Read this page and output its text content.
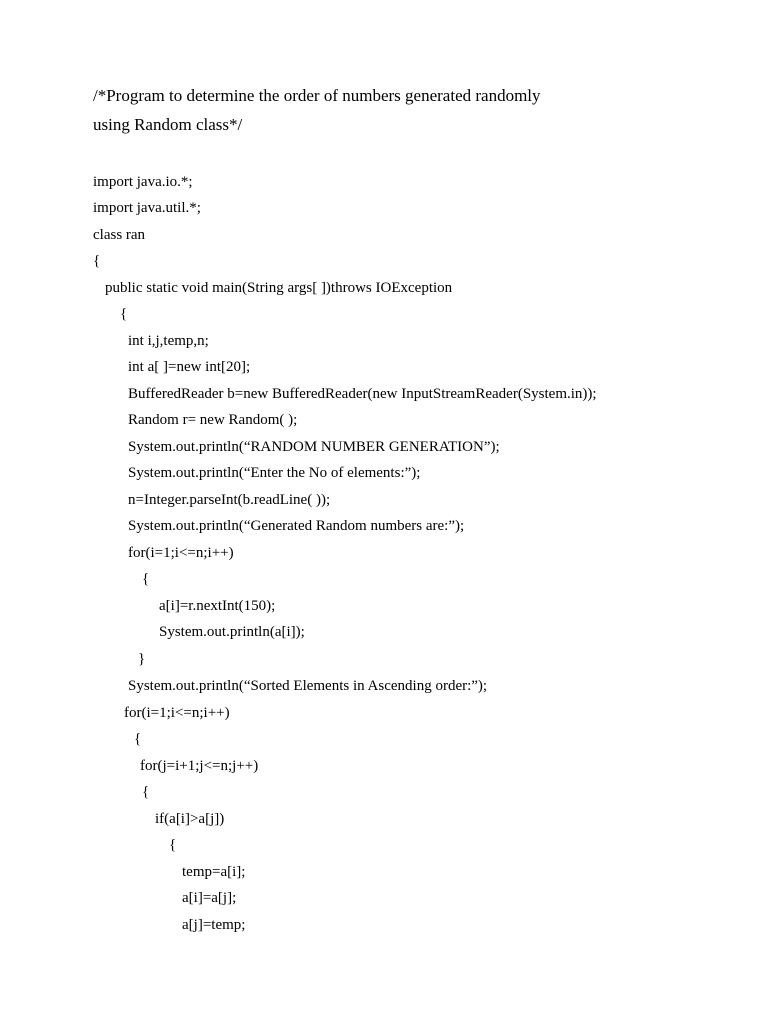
/*Program to determine the order of numbers generated randomly
using Random class*/
import java.io.*;
import java.util.*;
class ran
{
public static void main(String args[ ])throws IOException
{
int i,j,temp,n;
int a[ ]=new int[20];
BufferedReader b=new BufferedReader(new InputStreamReader(System.in));
Random r= new Random( );
System.out.println(“RANDOM NUMBER GENERATION”);
System.out.println(“Enter the No of elements:”);
n=Integer.parseInt(b.readLine( ));
System.out.println(“Generated Random numbers are:”);
for(i=1;i<=n;i++)
{
a[i]=r.nextInt(150);
System.out.println(a[i]);
}
System.out.println(“Sorted Elements in Ascending order:”);
for(i=1;i<=n;i++)
{
for(j=i+1;j<=n;j++)
{
if(a[i]>a[j])
{
temp=a[i];
a[i]=a[j];
a[j]=temp;
